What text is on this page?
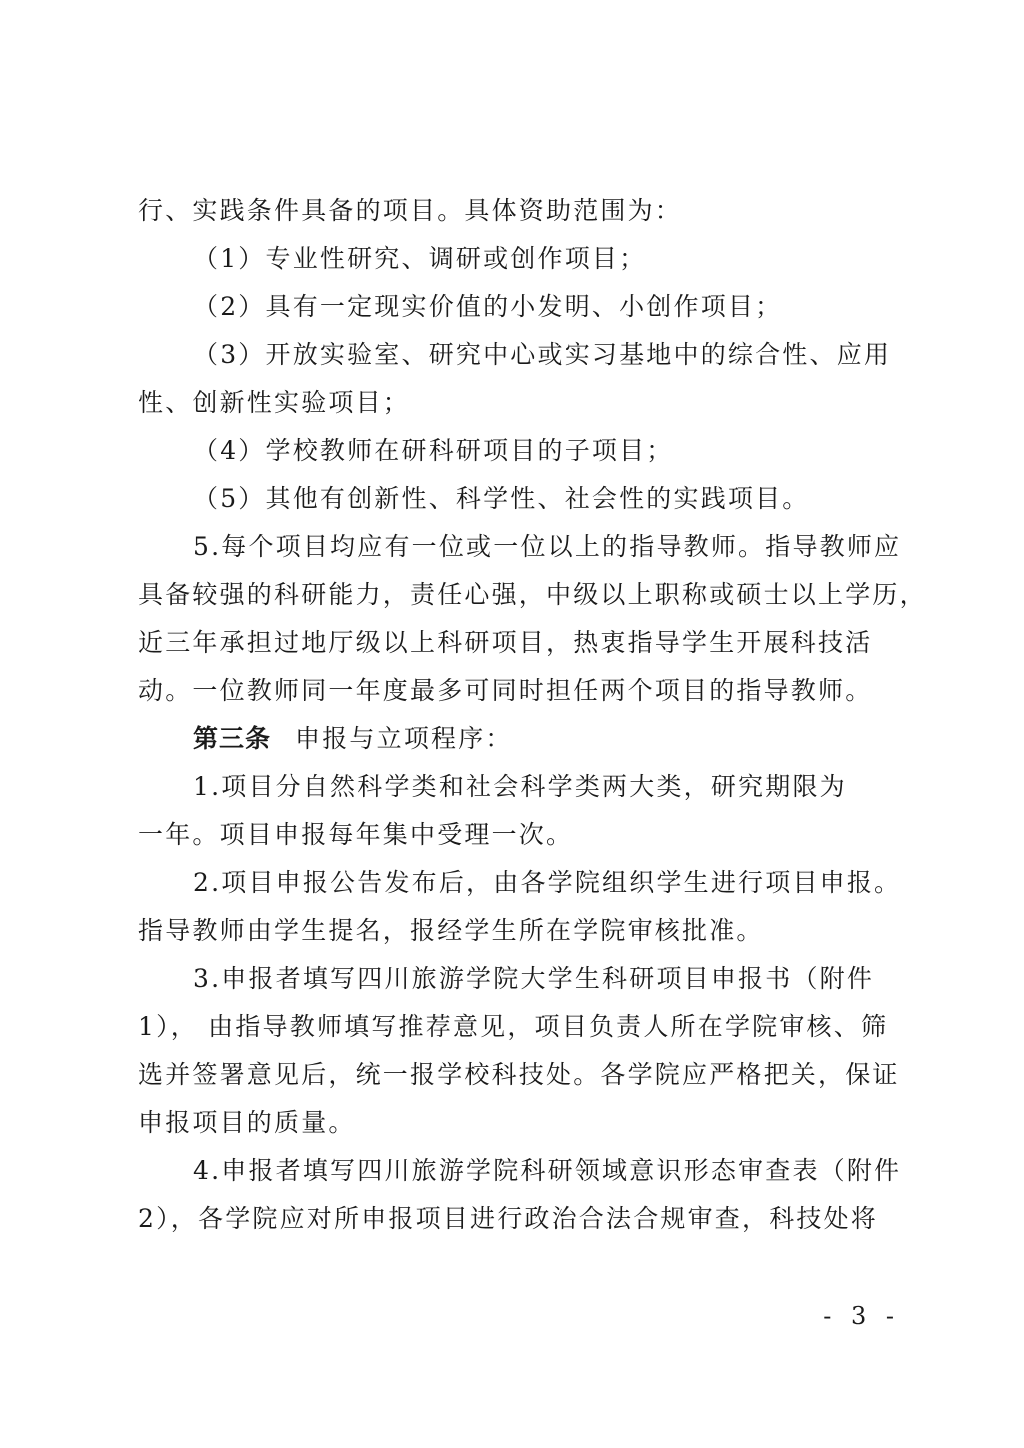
行、实践条件具备的项目。具体资助范围为：
（1）专业性研究、调研或创作项目；
（2）具有一定现实价值的小发明、小创作项目；
（3）开放实验室、研究中心或实习基地中的综合性、应用
性、创新性实验项目；
（4）学校教师在研科研项目的子项目；
（5）其他有创新性、科学性、社会性的实践项目。
5.每个项目均应有一位或一位以上的指导教师。指导教师应
具备较强的科研能力，责任心强，中级以上职称或硕士以上学历，
近三年承担过地厅级以上科研项目，热衷指导学生开展科技活
动。一位教师同一年度最多可同时担任两个项目的指导教师。
第三条 申报与立项程序：
1.项目分自然科学类和社会科学类两大类，研究期限为
一年。项目申报每年集中受理一次。
2.项目申报公告发布后，由各学院组织学生进行项目申报。
指导教师由学生提名，报经学生所在学院审核批准。
3.申报者填写四川旅游学院大学生科研项目申报书（附件
1）， 由指导教师填写推荐意见，项目负责人所在学院审核、筛
选并签署意见后，统一报学校科技处。各学院应严格把关，保证
申报项目的质量。
4.申报者填写四川旅游学院科研领域意识形态审查表（附件
2），各学院应对所申报项目进行政治合法合规审查，科技处将
- 3 -
